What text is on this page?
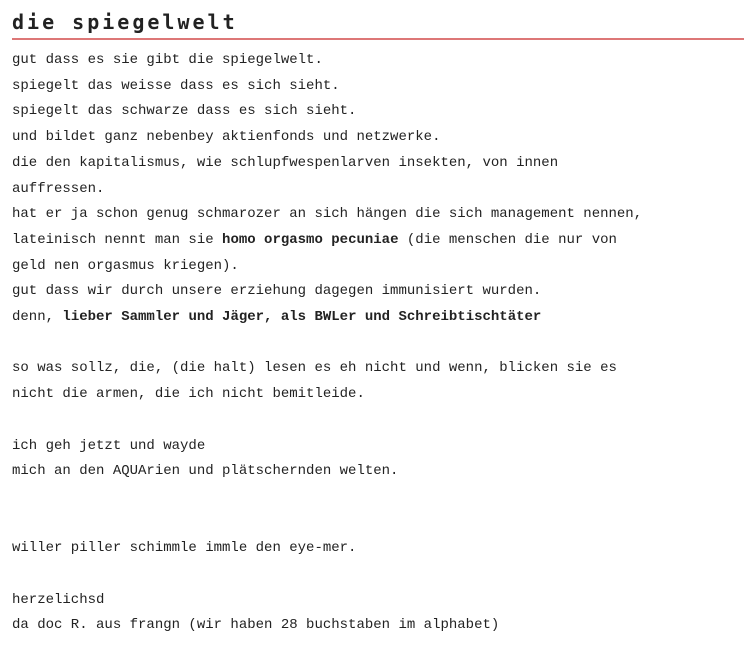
die spiegelwelt
gut dass es sie gibt die spiegelwelt.
spiegelt das weisse dass es sich sieht.
spiegelt das schwarze dass es sich sieht.
und bildet ganz nebenbey aktienfonds und netzwerke.
die den kapitalismus, wie schlupfwespenlarven insekten, von innen
auffressen.
hat er ja schon genug schmarozer an sich hängen die sich management nennen,
lateinisch nennt man sie homo orgasmo pecuniae (die menschen die nur von
geld nen orgasmus kriegen).
gut dass wir durch unsere erziehung dagegen immunisiert wurden.
denn, lieber Sammler und Jäger, als BWLer und Schreibtischtäter
so was sollz, die, (die halt) lesen es eh nicht und wenn, blicken sie es
nicht die armen, die ich nicht bemitleide.
ich geh jetzt und wayde
mich an den AQUArien und plätschernden welten.
willer piller schimmle immle den eye-mer.
herzelichsd
da doc R. aus frangn (wir haben 28 buchstaben im alphabet)
